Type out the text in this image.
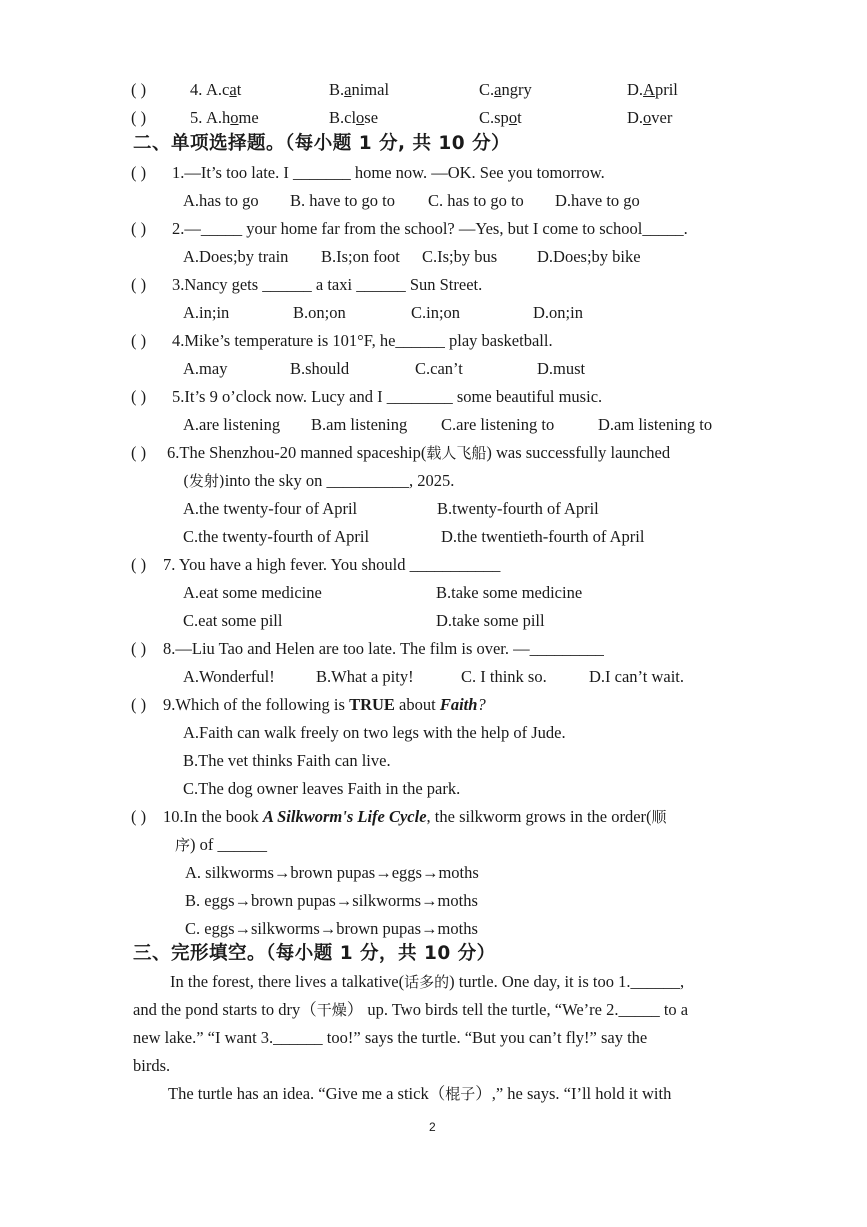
( )	4. A.cat	B.animal	C.angry	D.April
( )	5. A.home	B.close	C.spot	D.over
二、单项选择题。（每小题 1 分, 共 10 分）
( ) 1.—It’s too late. I _______ home now. —OK. See you tomorrow.
A.has to go B. have to go to C. has to go to D.have to go
( ) 2.—_____ your home far from the school? —Yes, but I come to school_____.
A.Does;by train B.Is;on foot C.Is;by bus D.Does;by bike
( ) 3.Nancy gets ______ a taxi ______ Sun Street.
A.in;in	B.on;on	C.in;on	D.on;in
( ) 4.Mike’s temperature is 101°F, he______ play basketball.
A.may	B.should	C.can’t	D.must
( ) 5.It’s 9 o’clock now. Lucy and I ________ some beautiful music.
A.are listening B.am listening C.are listening to	D.am listening to
( ) 6.The Shenzhou-20 manned spaceship(载人飞船) was successfully launched
(发射)into the sky on __________, 2025.
A.the twenty-four of April	B.twenty-fourth of April
C.the twenty-fourth of April	D.the twentieth-fourth of April
( ) 7. You have a high fever. You should ___________
A.eat some medicine	B.take some medicine
C.eat some pill	D.take some pill
( ) 8.—Liu Tao and Helen are too late. The film is over. —_________
A.Wonderful!	B.What a pity!	C. I think so.	D.I can’t wait.
( ) 9.Which of the following is TRUE about Faith?
A.Faith can walk freely on two legs with the help of Jude.
B.The vet thinks Faith can live.
C.The dog owner leaves Faith in the park.
( ) 10.In the book A Silkworm's Life Cycle, the silkworm grows in the order(顺
序) of ______
A. silkworms→brown pupas→eggs→moths
B. eggs→brown pupas→silkworms→moths
C. eggs→silkworms→brown pupas→moths
三、完形填空。（每小题 1 分，共 10 分）
In the forest, there lives a talkative(话多的) turtle. One day, it is too 1.______,
and the pond starts to dry（干燥） up. Two birds tell the turtle, “We’re 2._____ to a
new lake.” “I want 3.______ too!” says the turtle. “But you can’t fly!” say the
birds.
The turtle has an idea. “Give me a stick（棍子）,” he says. “I’ll hold it with
2
